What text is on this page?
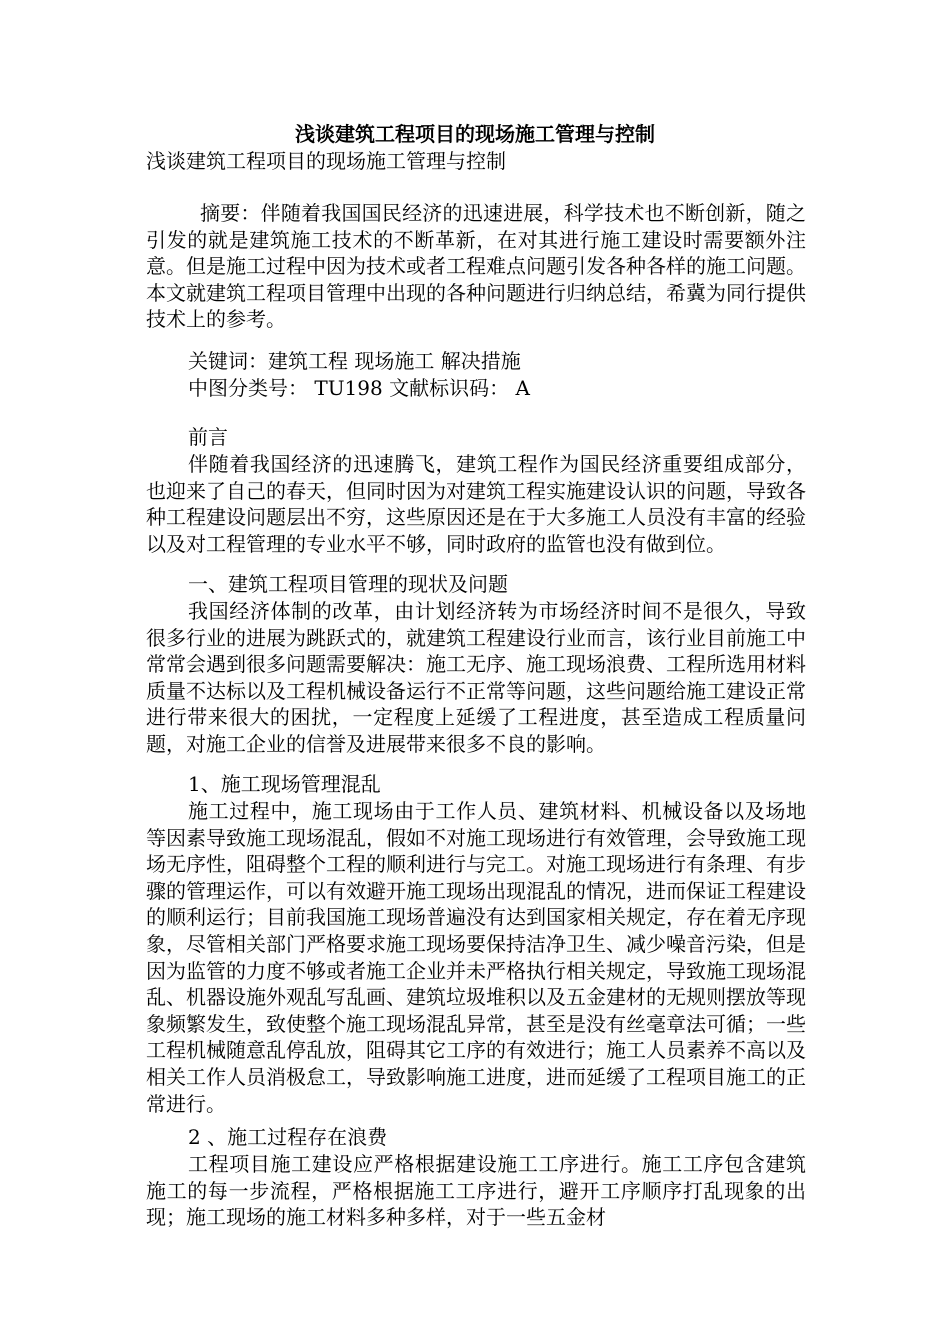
浅谈建筑工程项目的现场施工管理与控制
浅谈建筑工程项目的现场施工管理与控制
摘要：伴随着我国国民经济的迅速进展，科学技术也不断创新，随之引发的就是建筑施工技术的不断革新，在对其进行施工建设时需要额外注意。但是施工过程中因为技术或者工程难点问题引发各种各样的施工问题。本文就建筑工程项目管理中出现的各种问题进行归纳总结，希冀为同行提供技术上的参考。
关键词：建筑工程 现场施工 解决措施
中图分类号： TU198 文献标识码： A
前言
伴随着我国经济的迅速腾飞，建筑工程作为国民经济重要组成部分，也迎来了自己的春天，但同时因为对建筑工程实施建设认识的问题，导致各种工程建设问题层出不穷，这些原因还是在于大多施工人员没有丰富的经验以及对工程管理的专业水平不够，同时政府的监管也没有做到位。
一、建筑工程项目管理的现状及问题
我国经济体制的改革，由计划经济转为市场经济时间不是很久，导致很多行业的进展为跳跃式的，就建筑工程建设行业而言，该行业目前施工中常常会遇到很多问题需要解决：施工无序、施工现场浪费、工程所选用材料质量不达标以及工程机械设备运行不正常等问题，这些问题给施工建设正常进行带来很大的困扰，一定程度上延缓了工程进度，甚至造成工程质量问题，对施工企业的信誉及进展带来很多不良的影响。
1、施工现场管理混乱
施工过程中，施工现场由于工作人员、建筑材料、机械设备以及场地等因素导致施工现场混乱，假如不对施工现场进行有效管理，会导致施工现场无序性，阻碍整个工程的顺利进行与完工。对施工现场进行有条理、有步骤的管理运作，可以有效避开施工现场出现混乱的情况，进而保证工程建设的顺利运行；目前我国施工现场普遍没有达到国家相关规定，存在着无序现象，尽管相关部门严格要求施工现场要保持洁净卫生、减少噪音污染，但是因为监管的力度不够或者施工企业并未严格执行相关规定，导致施工现场混乱、机器设施外观乱写乱画、建筑垃圾堆积以及五金建材的无规则摆放等现象频繁发生，致使整个施工现场混乱异常，甚至是没有丝毫章法可循；一些工程机械随意乱停乱放，阻碍其它工序的有效进行；施工人员素养不高以及相关工作人员消极怠工，导致影响施工进度，进而延缓了工程项目施工的正常进行。
2 、施工过程存在浪费
工程项目施工建设应严格根据建设施工工序进行。施工工序包含建筑施工的每一步流程，严格根据施工工序进行，避开工序顺序打乱现象的出现；施工现场的施工材料多种多样，对于一些五金材
